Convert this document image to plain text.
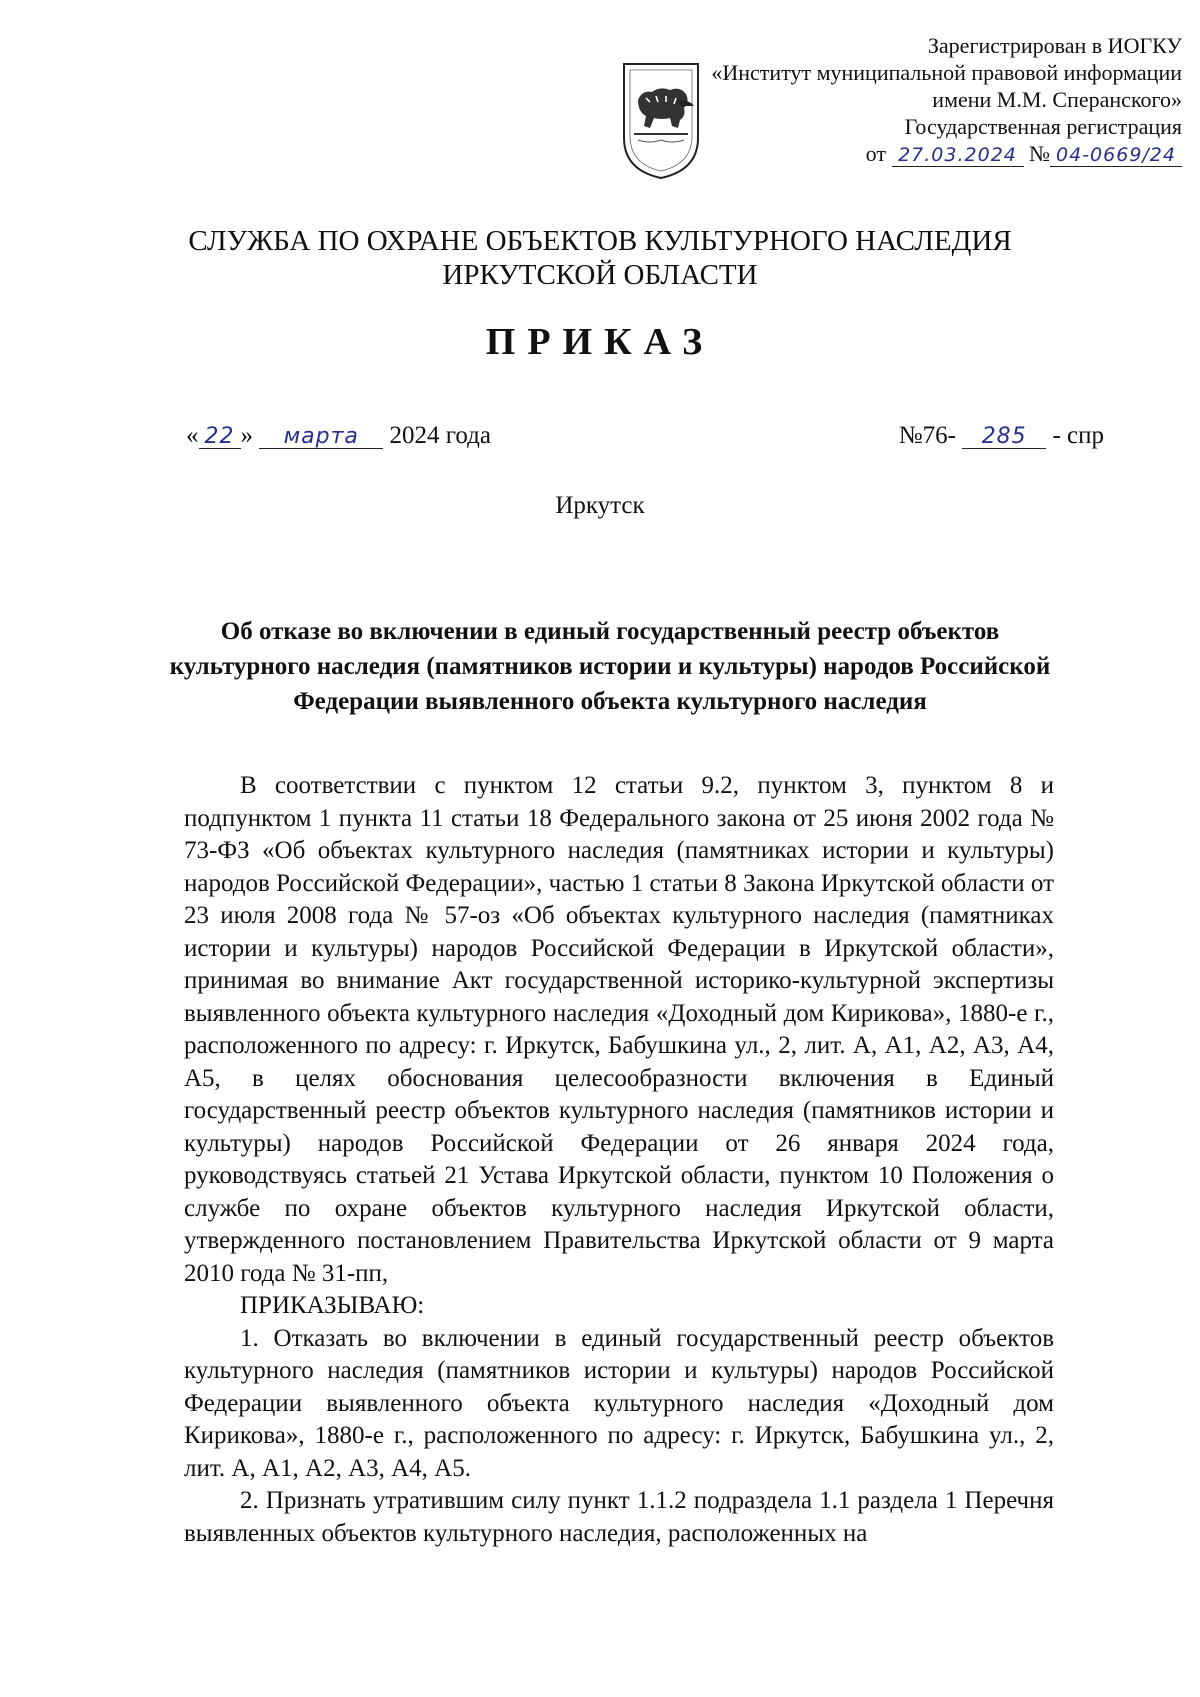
Зарегистрирован в ИОГКУ
«Институт муниципальной правовой информации
имени М.М. Сперанского»
Государственная регистрация
от 27.03.2024 № 04-0669/24
СЛУЖБА ПО ОХРАНЕ ОБЪЕКТОВ КУЛЬТУРНОГО НАСЛЕДИЯ
ИРКУТСКОЙ ОБЛАСТИ
ПРИКАЗ
« 22 » марта 2024 года	№76- 285 - спр
Иркутск
Об отказе во включении в единый государственный реестр объектов культурного наследия (памятников истории и культуры) народов Российской Федерации выявленного объекта культурного наследия

В соответствии с пунктом 12 статьи 9.2, пунктом 3, пунктом 8 и подпунктом 1 пункта 11 статьи 18 Федерального закона от 25 июня 2002 года № 73-ФЗ «Об объектах культурного наследия (памятниках истории и культуры) народов Российской Федерации», частью 1 статьи 8 Закона Иркутской области от 23 июля 2008 года № 57-оз «Об объектах культурного наследия (памятниках истории и культуры) народов Российской Федерации в Иркутской области», принимая во внимание Акт государственной историко-культурной экспертизы выявленного объекта культурного наследия «Доходный дом Кирикова», 1880-е г., расположенного по адресу: г. Иркутск, Бабушкина ул., 2, лит. А, А1, А2, А3, А4, А5, в целях обоснования целесообразности включения в Единый государственный реестр объектов культурного наследия (памятников истории и культуры) народов Российской Федерации от 26 января 2024 года, руководствуясь статьей 21 Устава Иркутской области, пунктом 10 Положения о службе по охране объектов культурного наследия Иркутской области, утвержденного постановлением Правительства Иркутской области от 9 марта 2010 года № 31-пп,

ПРИКАЗЫВАЮ:

1. Отказать во включении в единый государственный реестр объектов культурного наследия (памятников истории и культуры) народов Российской Федерации выявленного объекта культурного наследия «Доходный дом Кирикова», 1880-е г., расположенного по адресу: г. Иркутск, Бабушкина ул., 2, лит. А, А1, А2, А3, А4, А5.

2. Признать утратившим силу пункт 1.1.2 подраздела 1.1 раздела 1 Перечня выявленных объектов культурного наследия, расположенных на
